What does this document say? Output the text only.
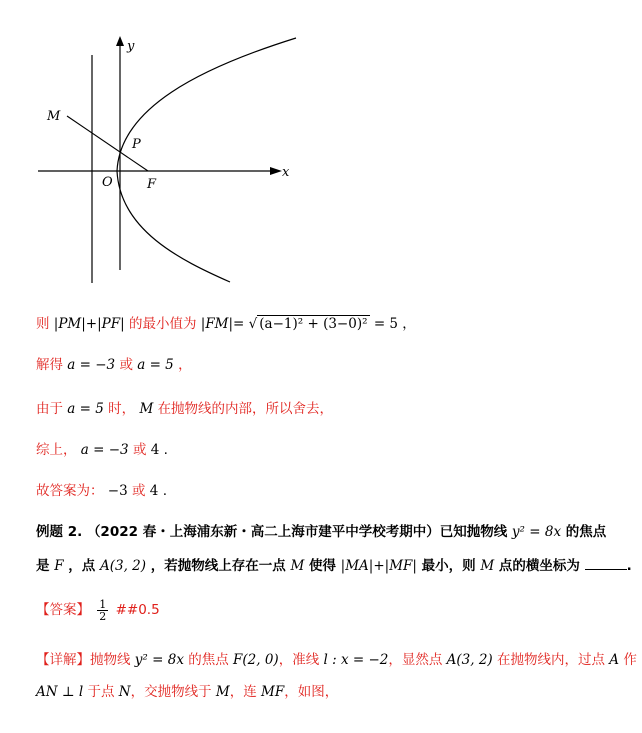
y
x
M
P
O	F
则 |PM|+|PF| 的最小值为 |FM|= √ (a−1)² + (3−0)² = 5 ，
解得 a = −3 或 a = 5 ，
由于 a = 5 时， M 在抛物线的内部，所以舍去，
综上， a = −3 或 4 .
故答案为： −3 或 4 .
例题 2. （2022 春・上海浦东新・高二上海市建平中学校考期中）已知抛物线 y² = 8x 的焦点
是 F ，点 A(3, 2) ，若抛物线上存在一点 M 使得 |MA|+|MF| 最小，则 M 点的横坐标为	.
【答案】 $\frac{1}{2}$ ##0.5
【详解】抛物线 y² = 8x 的焦点 F(2, 0)，准线 l : x = −2，显然点 A(3, 2) 在抛物线内，过点 A 作
AN ⊥ l 于点 N，交抛物线于 M，连 MF，如图，
